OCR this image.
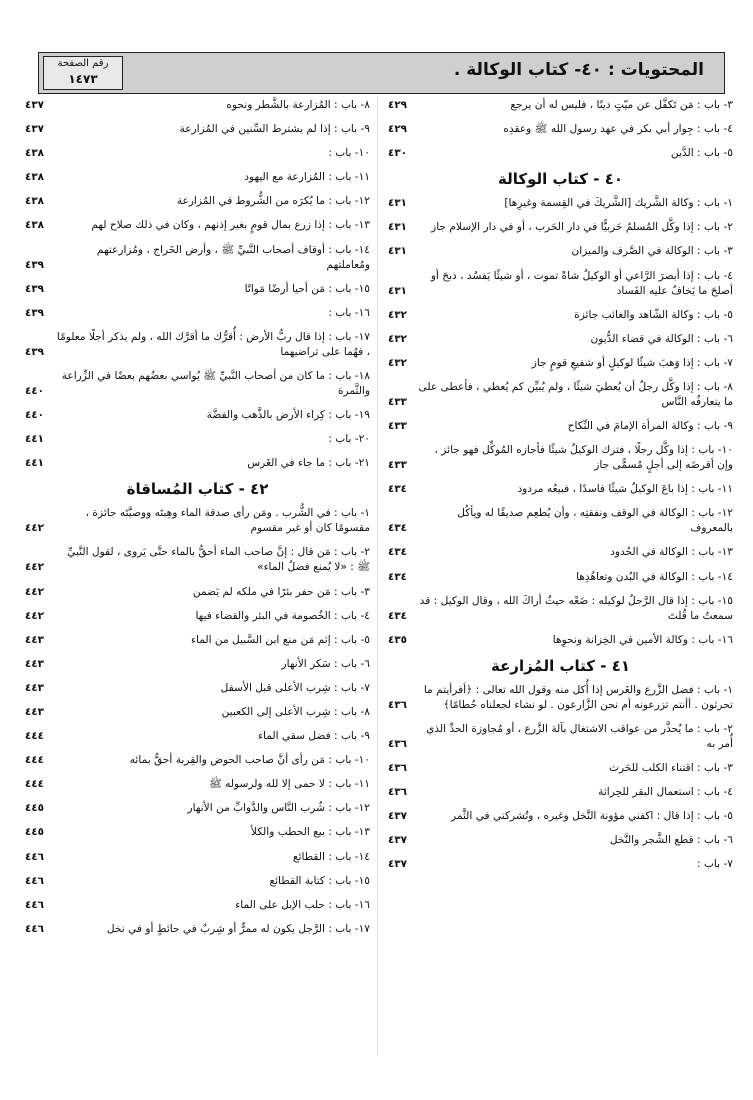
المحتويات : ٤٠- كتاب الوكالة .
رقم الصفحة
١٤٧٣
٣- باب : مَن تَكفَّل عن ميّتٍ دينًا ، فليس له أن يرجع
٤٢٩
٤- باب : جِوار أبي بكر في عهد رسول الله ﷺ وعقدِه
٤٢٩
٥- باب : الدَّين
٤٣٠
٤٠ - كتاب الوكالة
١- باب : وكالة الشَّريك [الشَّريكَ في القِسمة وغيرِها]
٤٣١
٢- باب : إذا وكَّل المُسلمُ حَربيًّا في دار الحَرب ، أو في دار الإسلام جاز
٤٣١
٣- باب : الوكالة في الصَّرف والميزان
٤٣١
٤- باب : إذا أبصرَ الرَّاعي أو الوكيلُ شاةً تموت ، أو شيئًا يَفسُد ، ذبحَ أو أصلحَ ما يَخافُ عليه الفَساد
٤٣١
٥- باب : وكالة الشّاهد والغائب جائزة
٤٣٢
٦- باب : الوكالة في قضاء الدُّيون
٤٣٢
٧- باب : إذا وَهبَ شيئًا لوكيلٍ أو شفيعِ قومٍ جاز
٤٣٢
٨- باب : إذا وكَّل رجلٌ أن يُعطيَ شيئًا ، ولم يُبيِّن كم يُعطي ، فأعطى على ما يتعارفُه النَّاس
٤٣٣
٩- باب : وكالة المرأة الإمامَ في النِّكاح
٤٣٣
١٠- باب : إذا وكَّل رجلًا ، فترك الوكيلُ شيئًا فأجازه المُوكِّل فهو جائز ، وإن أقرضَه إلى أجلٍ مُسمًّى جاز
٤٣٣
١١- باب : إذا باعَ الوكيلُ شيئًا فاسدًا ، فبيعُه مردود
٤٣٤
١٢- باب : الوكالة في الوقف ونفقتِه ، وأن يُطعِم صديقًا له ويأكُل بالمعروف
٤٣٤
١٣- باب : الوكالة في الحُدود
٤٣٤
١٤- باب : الوكالة في البُدن وتعاهُدِها
٤٣٤
١٥- باب : إذا قال الرَّجلُ لوكيله : ضَعْه حيثُ أراكَ الله ، وقال الوكيل : قد سمعتُ ما قُلتَ
٤٣٤
١٦- باب : وكالة الأمين في الخِزانة ونحوِها
٤٣٥
٤١ - كتاب المُزارعة
١- باب : فضل الزَّرع والغَرس إذا أُكل منه وقول الله تعالى : ﴿أفرأيتم ما تحرثون . أأنتم تزرعونه أم نحن الزَّارعون . لو نشاء لجعلناه حُطامًا﴾
٤٣٦
٢- باب : ما يُحذَّر من عواقب الاشتغال بآلة الزَّرع ، أو مُجاوزة الحدِّ الذي أُمر به
٤٣٦
٣- باب : اقتناء الكلب للحَرث
٤٣٦
٤- باب : استعمال البقر للحِراثة
٤٣٦
٥- باب : إذا قال : اكفني مؤونة النَّخل وغيره ، وتُشركني في الثَّمر
٤٣٧
٦- باب : قطع الشَّجر والنَّخل
٤٣٧
٧- باب :
٤٣٧
٨- باب : المُزارعة بالشَّطر ونحوه
٤٣٧
٩- باب : إذا لم يشترط السِّنين في المُزارعة
٤٣٧
١٠- باب :
٤٣٨
١١- باب : المُزارعة مع اليهود
٤٣٨
١٢- باب : ما يُكرَه من الشُّروط في المُزارعة
٤٣٨
١٣- باب : إذا زرع بمال قومٍ بغير إذنهم ، وكان في ذلك صلاح لهم
٤٣٨
١٤- باب : أوقاف أصحاب النَّبيِّ ﷺ ، وأرض الخَراج ، ومُزارعتهم ومُعاملتهم
٤٣٩
١٥- باب : مَن أحيا أرضًا مَواتًا
٤٣٩
١٦- باب :
٤٣٩
١٧- باب : إذا قال ربُّ الأرض : أُقرُّك ما أقرَّك الله ، ولم يذكر أجلًا معلومًا ، فهُما على تراضيهما
٤٣٩
١٨- باب : ما كان من أصحاب النَّبيِّ ﷺ يُواسي بعضُهم بعضًا في الزِّراعة والثَّمرة
٤٤٠
١٩- باب : كِراء الأرض بالذَّهب والفضَّة
٤٤٠
٢٠- باب :
٤٤١
٢١- باب : ما جاء في الغَرس
٤٤١
٤٢ - كتاب المُساقاة
١- باب : في الشُّرب . ومَن رأى صدقة الماء وهِبتَه ووصيَّتَه جائزة ، مقسومًا كان أو غير مقسوم
٤٤٢
٢- باب : مَن قال : إنَّ صاحب الماء أحقُّ بالماء حتَّى يَروى ، لقول النَّبيِّ ﷺ : «لا يُمنع فضلُ الماء»
٤٤٢
٣- باب : مَن حفر بئرًا في ملكه لم يَضمن
٤٤٢
٤- باب : الخُصومة في البئر والقضاء فيها
٤٤٢
٥- باب : إثم مَن منع ابن السَّبيل من الماء
٤٤٣
٦- باب : سَكر الأنهار
٤٤٣
٧- باب : شِرب الأعلى قبل الأسفل
٤٤٣
٨- باب : شِرب الأعلى إلى الكعبين
٤٤٣
٩- باب : فضل سقي الماء
٤٤٤
١٠- باب : مَن رأى أنَّ صاحب الحوض والقِربة أحقُّ بمائه
٤٤٤
١١- باب : لا حمى إلا لله ولرسوله ﷺ
٤٤٤
١٢- باب : شُرب النَّاس والدَّوابِّ من الأنهار
٤٤٥
١٣- باب : بيع الحطب والكلأ
٤٤٥
١٤- باب : القطائع
٤٤٦
١٥- باب : كتابة القطائع
٤٤٦
١٦- باب : حلب الإبل على الماء
٤٤٦
١٧- باب : الرَّجل يكون له ممرٌّ أو شِربٌ في حائطٍ أو في نخل
٤٤٦
